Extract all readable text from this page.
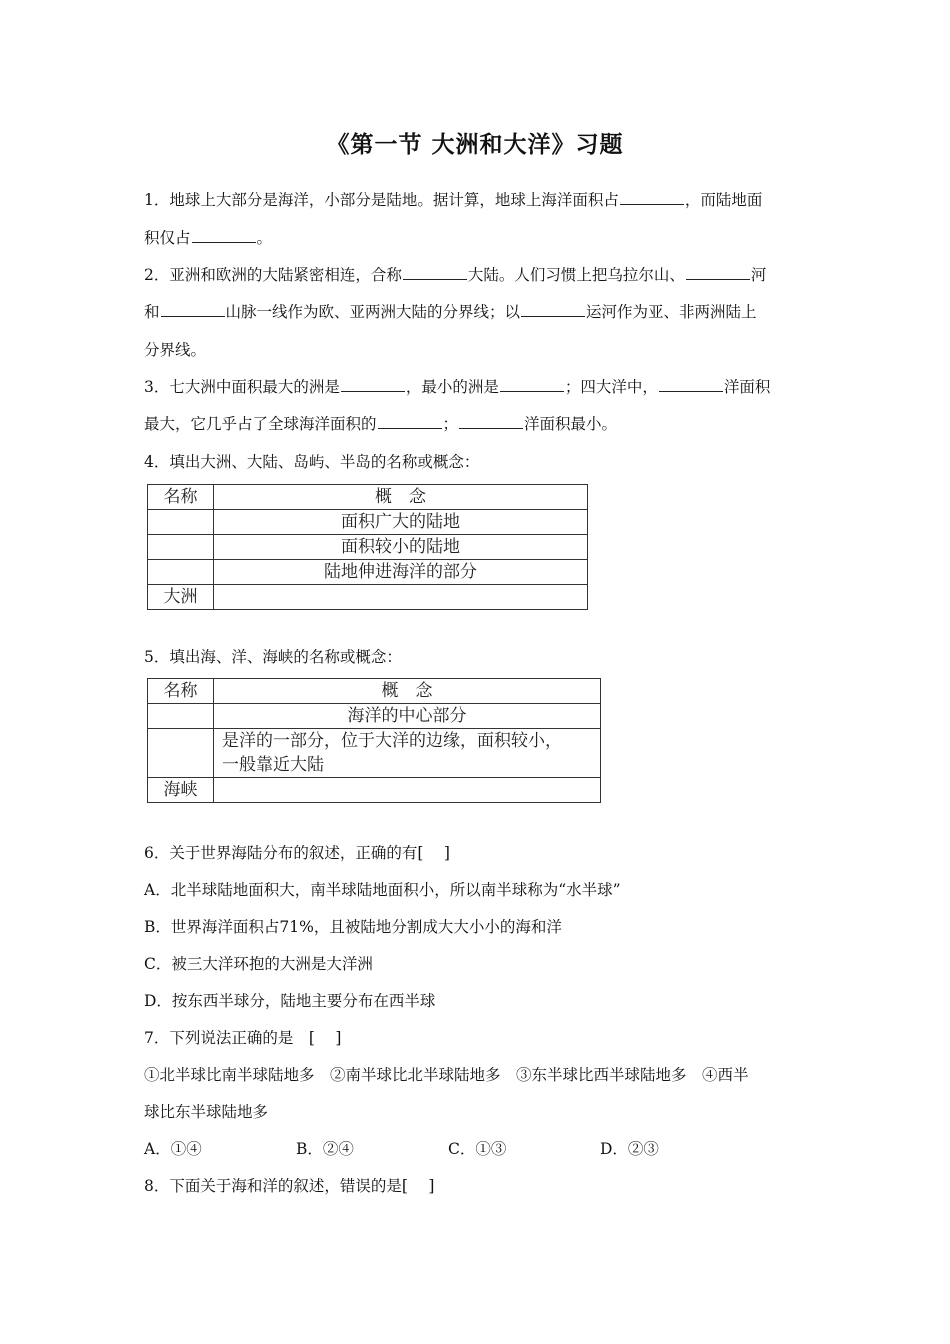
《第一节 大洲和大洋》习题
1．地球上大部分是海洋，小部分是陆地。据计算，地球上海洋面积占	，而陆地面
积仅占	。
2．亚洲和欧洲的大陆紧密相连，合称	大陆。人们习惯上把乌拉尔山、	河
和	山脉一线作为欧、亚两洲大陆的分界线；以	运河作为亚、非两洲陆上
分界线。
3．七大洲中面积最大的洲是	，最小的洲是	；四大洋中，	洋面积
最大，它几乎占了全球海洋面积的	；	洋面积最小。
4．填出大洲、大陆、岛屿、半岛的名称或概念：
名称	概　念
	面积广大的陆地
	面积较小的陆地
	陆地伸进海洋的部分
大洲	
5．填出海、洋、海峡的名称或概念：
名称	概　念
	海洋的中心部分

	是洋的一部分，位于大洋的边缘，面积较小，
一般靠近大陆

海峡	
6．关于世界海陆分布的叙述，正确的有[　 ]
A．北半球陆地面积大，南半球陆地面积小，所以南半球称为“水半球”
B．世界海洋面积占71%，且被陆地分割成大大小小的海和洋
C．被三大洋环抱的大洲是大洋洲
D．按东西半球分，陆地主要分布在西半球
7．下列说法正确的是　[　 ]
①北半球比南半球陆地多　②南半球比北半球陆地多　③东半球比西半球陆地多　④西半
球比东半球陆地多
A．①④	B．②④	C．①③	D．②③
8．下面关于海和洋的叙述，错误的是[　 ]
